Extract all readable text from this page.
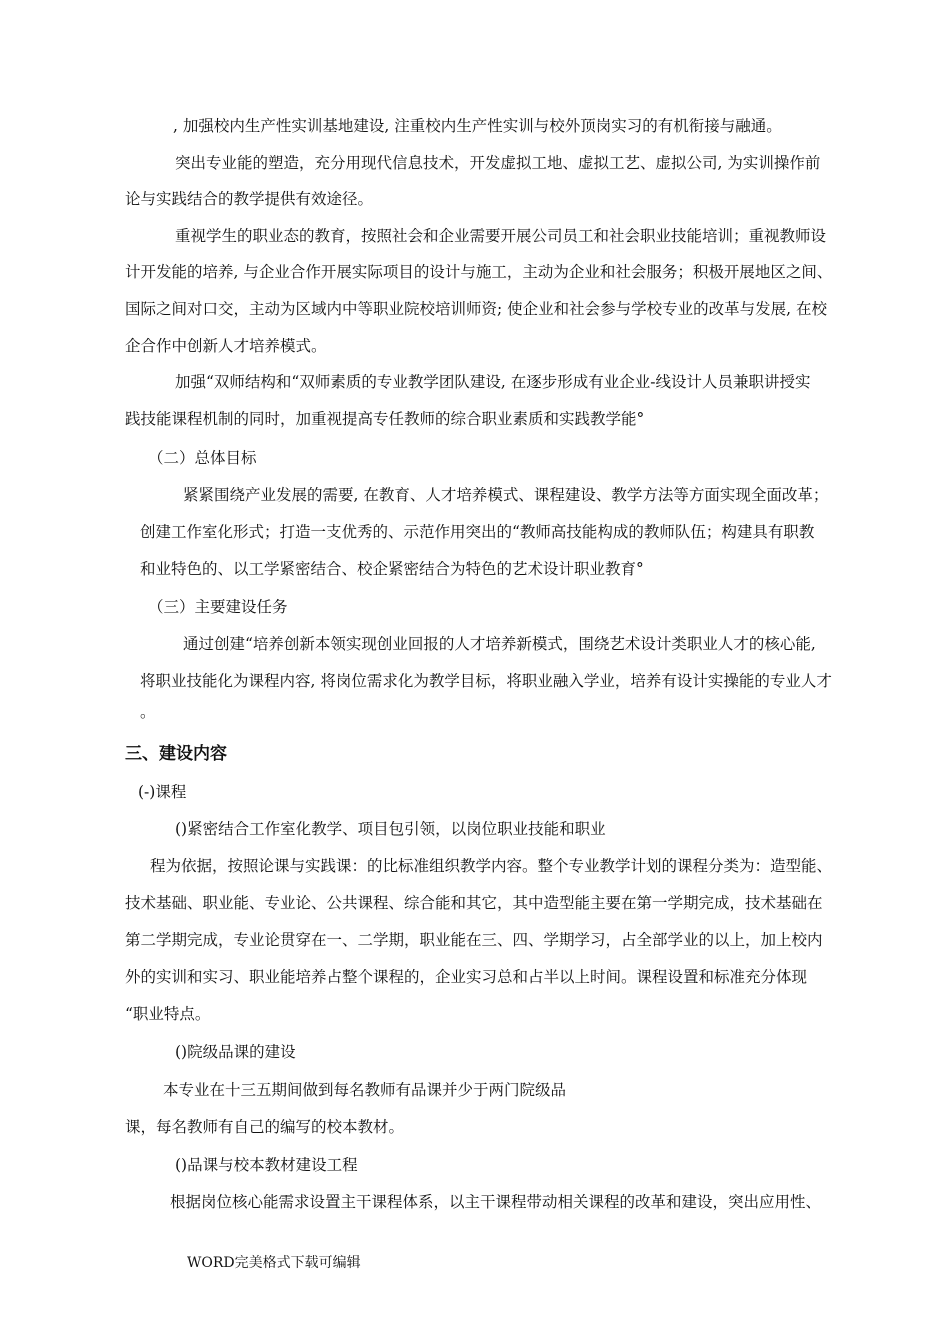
, 加强校内生产性实训基地建设, 注重校内生产性实训与校外顶岗实习的有机衔接与融通。

突出专业能的塑造，充分用现代信息技术，开发虚拟工地、虚拟工艺、虚拟公司, 为实训操作前

论与实践结合的教学提供有效途径。

重视学生的职业态的教育，按照社会和企业需要开展公司员工和社会职业技能培训；重视教师设

计开发能的培养, 与企业合作开展实际项目的设计与施工，主动为企业和社会服务；积极开展地区之间、

国际之间对口交，主动为区域内中等职业院校培训师资; 使企业和社会参与学校专业的改革与发展, 在校

企合作中创新人才培养模式。

加强“双师结构和“双师素质的专业教学团队建设, 在逐步形成有业企业-线设计人员兼职讲授实

践技能课程机制的同时，加重视提高专任教师的综合职业素质和实践教学能°

（二）总体目标

紧紧围绕产业发展的需要, 在教育、人才培养模式、课程建设、教学方法等方面实现全面改革；

创建工作室化形式；打造一支优秀的、示范作用突出的“教师高技能构成的教师队伍；构建具有职教

和业特色的、以工学紧密结合、校企紧密结合为特色的艺术设计职业教育°

（三）主要建设任务

通过创建“培养创新本领实现创业回报的人才培养新模式，围绕艺术设计类职业人才的核心能,

将职业技能化为课程内容, 将岗位需求化为教学目标，将职业融入学业，培养有设计实操能的专业人才

。

三、建设内容

(-)课程

()紧密结合工作室化教学、项目包引领，以岗位职业技能和职业

程为依据，按照论课与实践课：的比标准组织教学内容。整个专业教学计划的课程分类为：造型能、

技术基础、职业能、专业论、公共课程、综合能和其它，其中造型能主要在第一学期完成，技术基础在

第二学期完成，专业论贯穿在一、二学期，职业能在三、四、学期学习，占全部学业的以上，加上校内

外的实训和实习、职业能培养占整个课程的，企业实习总和占半以上时间。课程设置和标准充分体现

“职业特点。

()院级品课的建设

本专业在十三五期间做到每名教师有品课并少于两门院级品

课，每名教师有自己的编写的校本教材。

()品课与校本教材建设工程

根据岗位核心能需求设置主干课程体系，以主干课程带动相关课程的改革和建设，突出应用性、

WORD完美格式下载可编辑
